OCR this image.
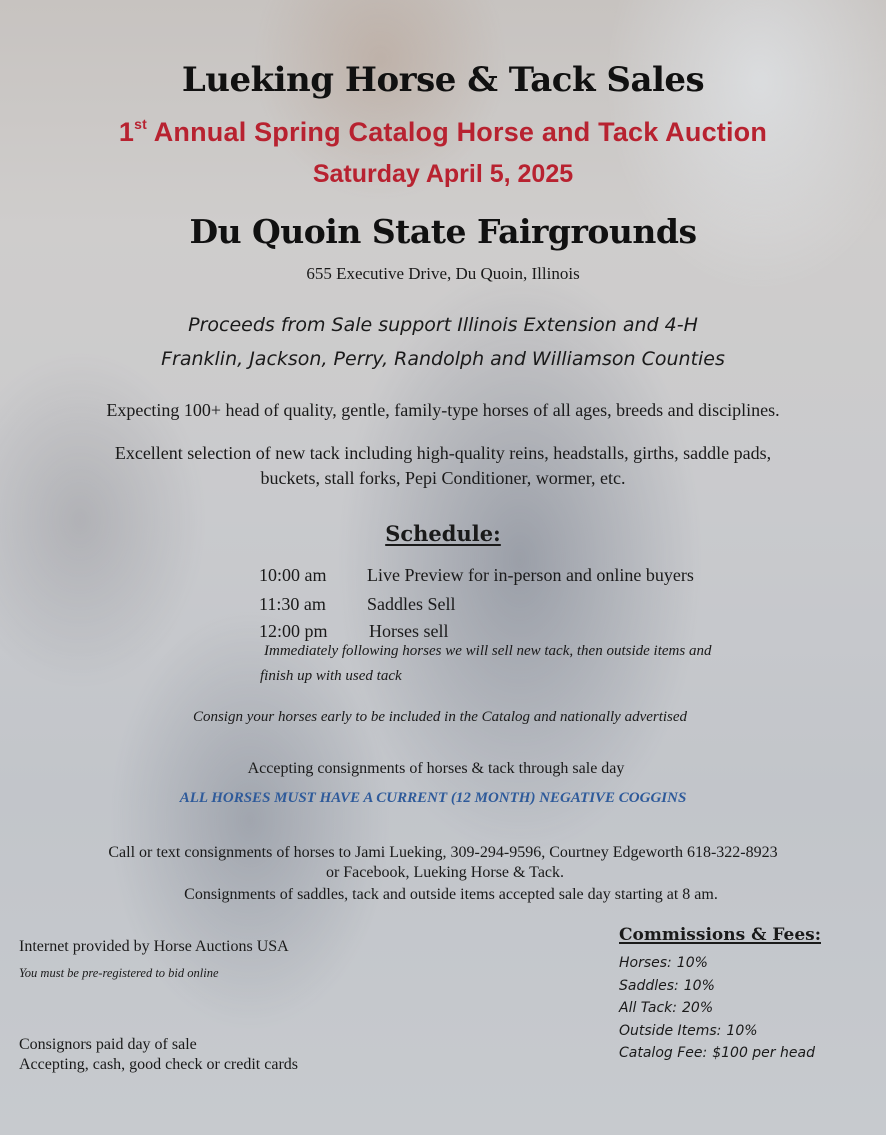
Lueking Horse & Tack Sales
1st Annual Spring Catalog Horse and Tack Auction
Saturday April 5, 2025
Du Quoin State Fairgrounds
655 Executive Drive, Du Quoin, Illinois
Proceeds from Sale support Illinois Extension and 4-H
Franklin, Jackson, Perry, Randolph and Williamson Counties
Expecting 100+ head of quality, gentle, family-type horses of all ages, breeds and disciplines.
Excellent selection of new tack including high-quality reins, headstalls, girths, saddle pads,
buckets, stall forks, Pepi Conditioner, wormer, etc.
Schedule:
10:00 am Live Preview for in-person and online buyers
11:30 am Saddles Sell
12:00 pm Horses sell
Immediately following horses we will sell new tack, then outside items and
finish up with used tack
Consign your horses early to be included in the Catalog and nationally advertised
Accepting consignments of horses & tack through sale day
ALL HORSES MUST HAVE A CURRENT (12 MONTH) NEGATIVE COGGINS
Call or text consignments of horses to Jami Lueking, 309-294-9596, Courtney Edgeworth 618-322-8923
or Facebook, Lueking Horse & Tack.
Consignments of saddles, tack and outside items accepted sale day starting at 8 am.
Internet provided by Horse Auctions USA
You must be pre-registered to bid online
Consignors paid day of sale
Accepting, cash, good check or credit cards
Commissions & Fees:
Horses: 10%
Saddles: 10%
All Tack: 20%
Outside Items: 10%
Catalog Fee: $100 per head
